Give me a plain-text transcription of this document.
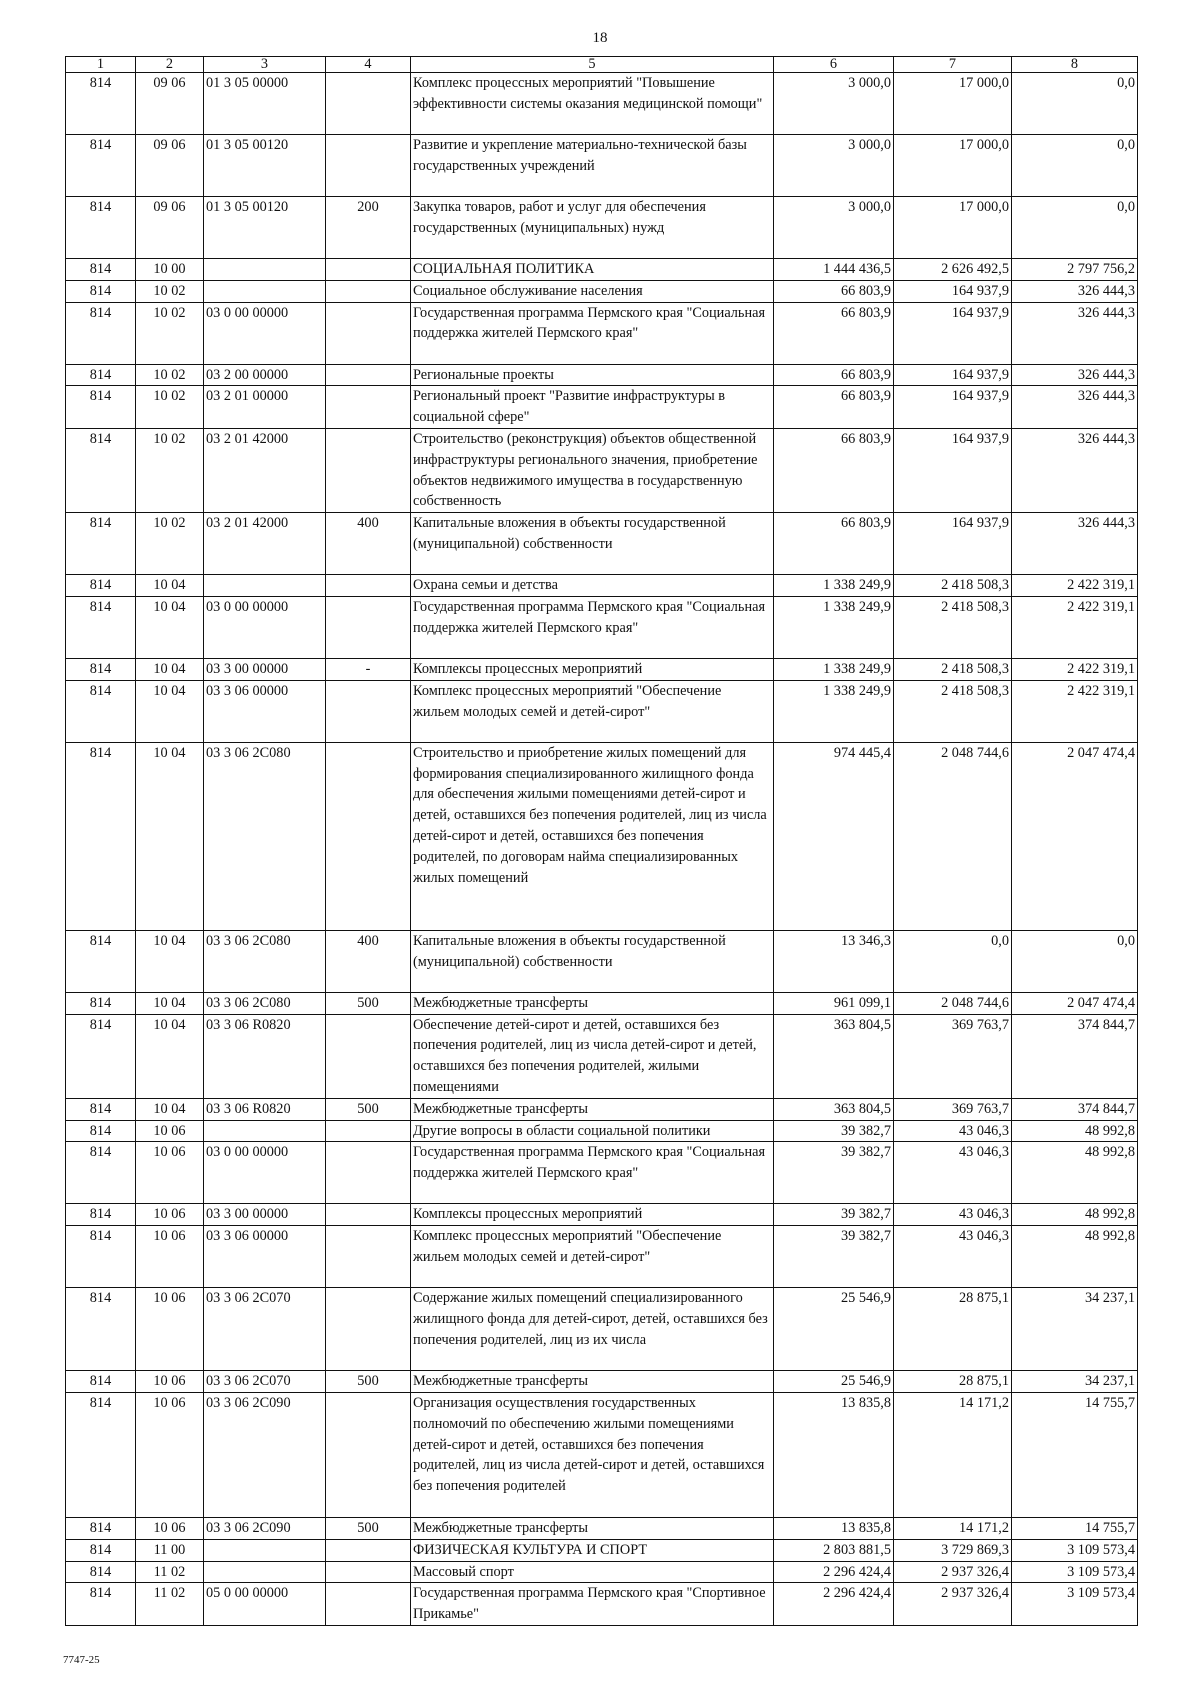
18
1	2	3	4	5	6	7	8
814	09 06	01 3 05 00000		Комплекс процессных мероприятий "Повышение эффективности системы оказания медицинской помощи"	3 000,0	17 000,0	0,0
814	09 06	01 3 05 00120		Развитие и укрепление материально-технической базы государственных учреждений	3 000,0	17 000,0	0,0
814	09 06	01 3 05 00120	200	Закупка товаров, работ и услуг для обеспечения государственных (муниципальных) нужд	3 000,0	17 000,0	0,0
814	10 00			СОЦИАЛЬНАЯ ПОЛИТИКА	1 444 436,5	2 626 492,5	2 797 756,2
814	10 02			Социальное обслуживание населения	66 803,9	164 937,9	326 444,3
814	10 02	03 0 00 00000		Государственная программа Пермского края "Социальная поддержка жителей Пермского края"	66 803,9	164 937,9	326 444,3
814	10 02	03 2 00 00000		Региональные проекты	66 803,9	164 937,9	326 444,3
814	10 02	03 2 01 00000		Региональный проект "Развитие инфраструктуры в социальной сфере"	66 803,9	164 937,9	326 444,3
814	10 02	03 2 01 42000		Строительство (реконструкция) объектов общественной инфраструктуры регионального значения, приобретение объектов недвижимого имущества в государственную собственность	66 803,9	164 937,9	326 444,3
814	10 02	03 2 01 42000	400	Капитальные вложения в объекты государственной (муниципальной) собственности	66 803,9	164 937,9	326 444,3
814	10 04			Охрана семьи и детства	1 338 249,9	2 418 508,3	2 422 319,1
814	10 04	03 0 00 00000		Государственная программа Пермского края "Социальная поддержка жителей Пермского края"	1 338 249,9	2 418 508,3	2 422 319,1
814	10 04	03 3 00 00000	-	Комплексы процессных мероприятий	1 338 249,9	2 418 508,3	2 422 319,1
814	10 04	03 3 06 00000		Комплекс процессных мероприятий "Обеспечение жильем молодых семей и детей-сирот"	1 338 249,9	2 418 508,3	2 422 319,1
814	10 04	03 3 06 2С080		Строительство и приобретение жилых помещений для формирования специализированного жилищного фонда для обеспечения жилыми помещениями детей-сирот и детей, оставшихся без попечения родителей, лиц из числа детей-сирот и детей, оставшихся без попечения родителей, по договорам найма специализированных жилых помещений	974 445,4	2 048 744,6	2 047 474,4
814	10 04	03 3 06 2С080	400	Капитальные вложения в объекты государственной (муниципальной) собственности	13 346,3	0,0	0,0
814	10 04	03 3 06 2С080	500	Межбюджетные трансферты	961 099,1	2 048 744,6	2 047 474,4
814	10 04	03 3 06 R0820		Обеспечение детей-сирот и детей, оставшихся без попечения родителей, лиц из числа детей-сирот и детей, оставшихся без попечения родителей, жилыми помещениями	363 804,5	369 763,7	374 844,7
814	10 04	03 3 06 R0820	500	Межбюджетные трансферты	363 804,5	369 763,7	374 844,7
814	10 06			Другие вопросы в области социальной политики	39 382,7	43 046,3	48 992,8
814	10 06	03 0 00 00000		Государственная программа Пермского края "Социальная поддержка жителей Пермского края"	39 382,7	43 046,3	48 992,8
814	10 06	03 3 00 00000		Комплексы процессных мероприятий	39 382,7	43 046,3	48 992,8
814	10 06	03 3 06 00000		Комплекс процессных мероприятий "Обеспечение жильем молодых семей и детей-сирот"	39 382,7	43 046,3	48 992,8
814	10 06	03 3 06 2С070		Содержание жилых помещений специализированного жилищного фонда для детей-сирот, детей, оставшихся без попечения родителей, лиц из их числа	25 546,9	28 875,1	34 237,1
814	10 06	03 3 06 2С070	500	Межбюджетные трансферты	25 546,9	28 875,1	34 237,1
814	10 06	03 3 06 2С090		Организация осуществления государственных полномочий по обеспечению жилыми помещениями детей-сирот и детей, оставшихся без попечения родителей, лиц из числа детей-сирот и детей, оставшихся без попечения родителей	13 835,8	14 171,2	14 755,7
814	10 06	03 3 06 2С090	500	Межбюджетные трансферты	13 835,8	14 171,2	14 755,7
814	11 00			ФИЗИЧЕСКАЯ КУЛЬТУРА И СПОРТ	2 803 881,5	3 729 869,3	3 109 573,4
814	11 02			Массовый спорт	2 296 424,4	2 937 326,4	3 109 573,4
814	11 02	05 0 00 00000		Государственная программа Пермского края "Спортивное Прикамье"	2 296 424,4	2 937 326,4	3 109 573,4
7747-25
